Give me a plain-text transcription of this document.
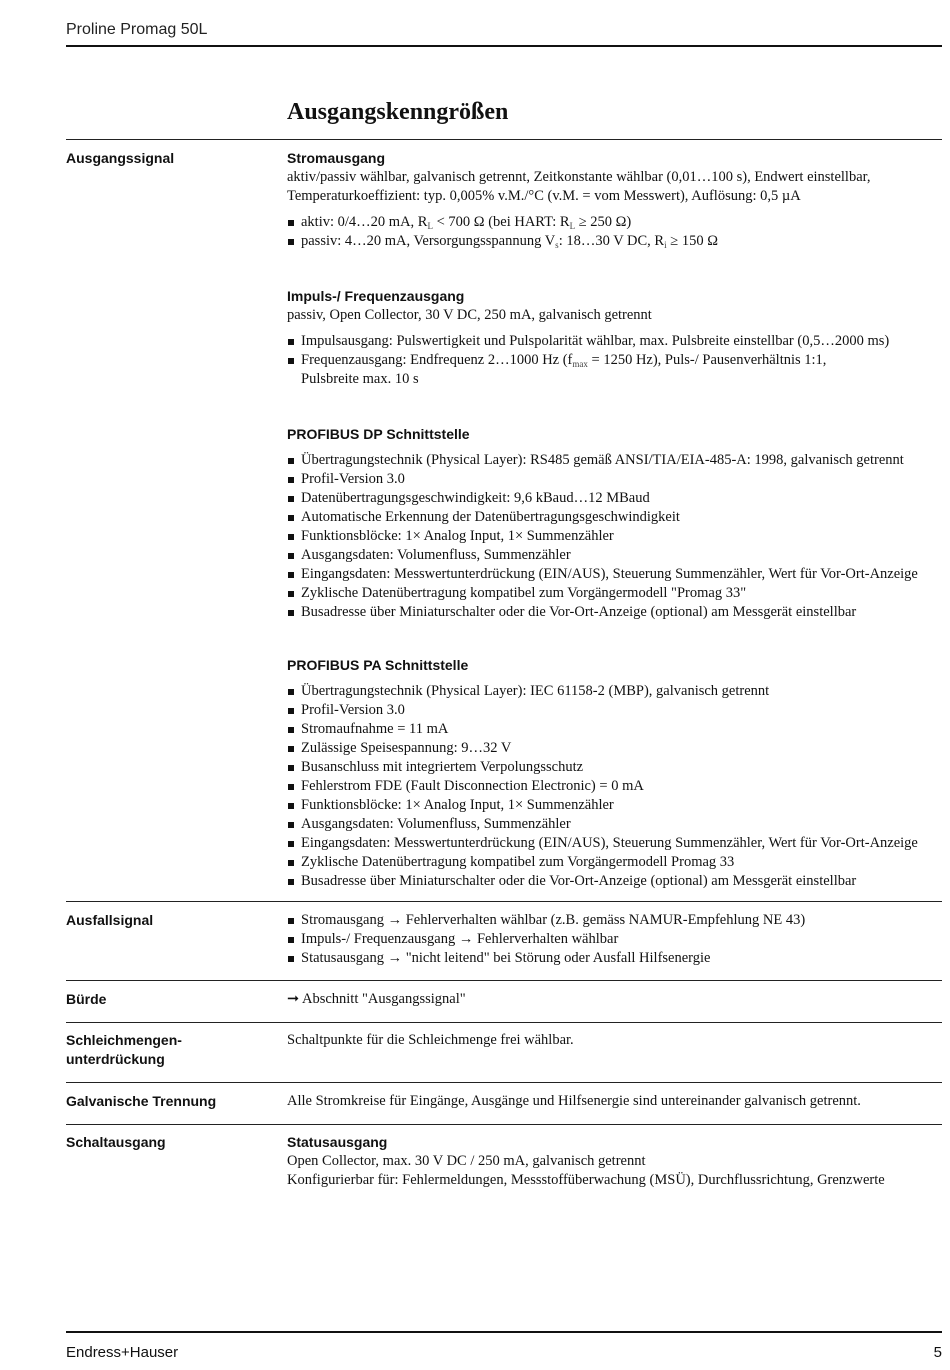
Proline Promag 50L
Ausgangskenngrößen
Ausgangssignal	Stromausgang

aktiv/passiv wählbar, galvanisch getrennt, Zeitkonstante wählbar (0,01…100 s), Endwert einstellbar,

Temperaturkoeffizient: typ. 0,005% v.M./°C (v.M. = vom Messwert), Auflösung: 0,5 µA

aktiv: 0/4…20 mA, $R_L < 700$ Ω (bei HART: $R_L \ge 250$ Ω)
passiv: 4…20 mA, Versorgungsspannung $V_s$: 18…30 V DC, $R_i \ge 150$ Ω
Impuls-/ Frequenzausgang

passiv, Open Collector, 30 V DC, 250 mA, galvanisch getrennt

Impulsausgang: Pulswertigkeit und Pulspolarität wählbar, max. Pulsbreite einstellbar (0,5…2000 ms)
Frequenzausgang: Endfrequenz 2…1000 Hz ($f_{max} = 1250$ Hz), Puls-/ Pausenverhältnis 1:1,
Pulsbreite max. 10 s
PROFIBUS DP Schnittstelle
Übertragungstechnik (Physical Layer): RS485 gemäß ANSI/TIA/EIA-485-A: 1998, galvanisch getrennt
Profil-Version 3.0
Datenübertragungsgeschwindigkeit: 9,6 kBaud…12 MBaud
Automatische Erkennung der Datenübertragungsgeschwindigkeit
Funktionsblöcke: 1× Analog Input, 1× Summenzähler
Ausgangsdaten: Volumenfluss, Summenzähler
Eingangsdaten: Messwertunterdrückung (EIN/AUS), Steuerung Summenzähler, Wert für Vor-Ort-Anzeige
Zyklische Datenübertragung kompatibel zum Vorgängermodell "Promag 33"
Busadresse über Miniaturschalter oder die Vor-Ort-Anzeige (optional) am Messgerät einstellbar
PROFIBUS PA Schnittstelle
Übertragungstechnik (Physical Layer): IEC 61158-2 (MBP), galvanisch getrennt
Profil-Version 3.0
Stromaufnahme = 11 mA
Zulässige Speisespannung: 9…32 V
Busanschluss mit integriertem Verpolungsschutz
Fehlerstrom FDE (Fault Disconnection Electronic) = 0 mA
Funktionsblöcke: 1× Analog Input, 1× Summenzähler
Ausgangsdaten: Volumenfluss, Summenzähler
Eingangsdaten: Messwertunterdrückung (EIN/AUS), Steuerung Summenzähler, Wert für Vor-Ort-Anzeige
Zyklische Datenübertragung kompatibel zum Vorgängermodell Promag 33
Busadresse über Miniaturschalter oder die Vor-Ort-Anzeige (optional) am Messgerät einstellbar
Ausfallsignal	Stromausgang → Fehlerverhalten wählbar (z.B. gemäss NAMUR-Empfehlung NE 43)
Impuls-/ Frequenzausgang → Fehlerverhalten wählbar
Statusausgang → "nicht leitend" bei Störung oder Ausfall Hilfsenergie
Bürde	➞ Abschnitt "Ausgangssignal"
Schleichmengen-
unterdrückung
Schaltpunkte für die Schleichmenge frei wählbar.
Galvanische Trennung	Alle Stromkreise für Eingänge, Ausgänge und Hilfsenergie sind untereinander galvanisch getrennt.
Schaltausgang	Statusausgang

Open Collector, max. 30 V DC / 250 mA, galvanisch getrennt

Konfigurierbar für: Fehlermeldungen, Messstoffüberwachung (MSÜ), Durchflussrichtung, Grenzwerte

Endress+Hauser	5
